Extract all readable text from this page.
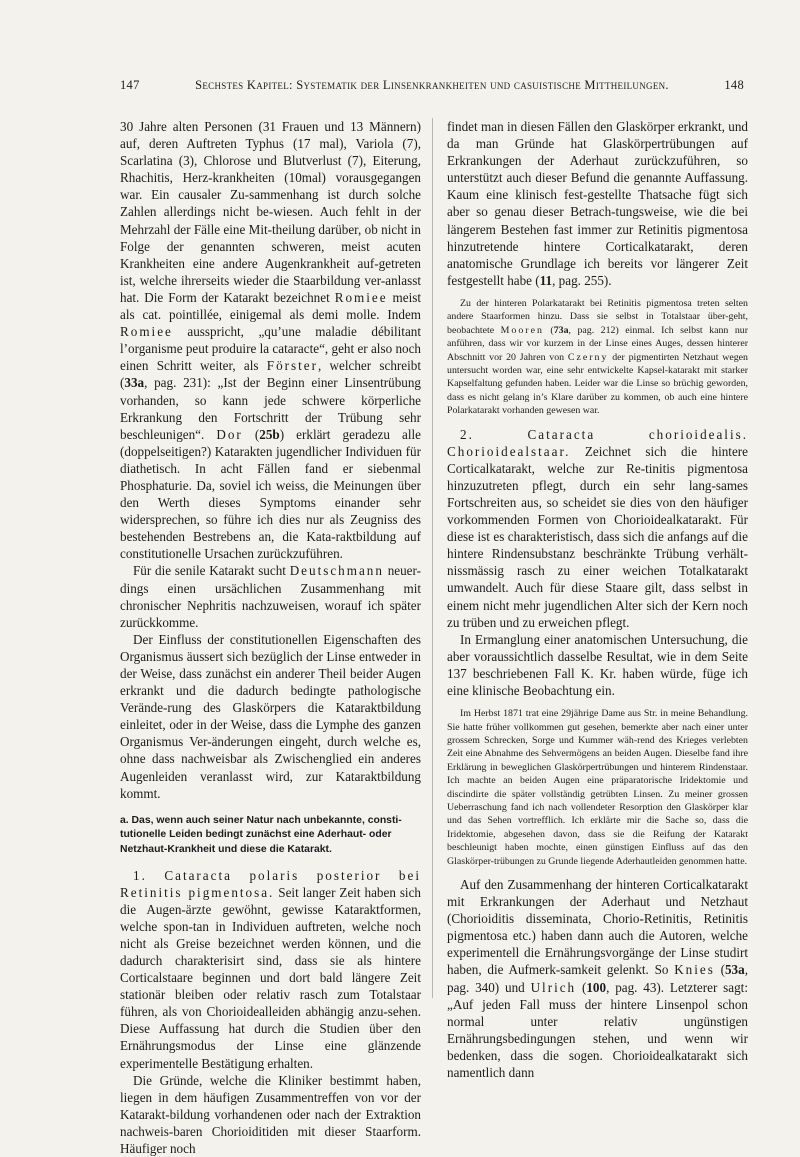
147	Sechstes Kapitel: Systematik der Linsenkrankheiten und casuistische Mittheilungen.	148

30 Jahre alten Personen (31 Frauen und 13 Männern) auf, deren Auftreten Typhus (17 mal), Variola (7), Scarlatina (3), Chlorose und Blutverlust (7), Eiterung, Rhachitis, Herz-krankheiten (10mal) vorausgegangen war. Ein causaler Zu-sammenhang ist durch solche Zahlen allerdings nicht be-wiesen. Auch fehlt in der Mehrzahl der Fälle eine Mit-theilung darüber, ob nicht in Folge der genannten schweren, meist acuten Krankheiten eine andere Augenkrankheit auf-getreten ist, welche ihrerseits wieder die Staarbildung ver-anlasst hat. Die Form der Katarakt bezeichnet Romiee meist als cat. pointillée, einigemal als demi molle. Indem Romiee ausspricht, „qu’une maladie débilitant l’organisme peut produire la cataracte“, geht er also noch einen Schritt weiter, als Förster, welcher schreibt (33a, pag. 231): „Ist der Beginn einer Linsentrübung vorhanden, so kann jede schwere körperliche Erkrankung den Fortschritt der Trübung sehr beschleunigen“. Dor (25b) erklärt geradezu alle (doppelseitigen?) Katarakten jugendlicher Individuen für diathetisch. In acht Fällen fand er siebenmal Phosphaturie. Da, soviel ich weiss, die Meinungen über den Werth dieses Symptoms einander sehr widersprechen, so führe ich dies nur als Zeugniss des bestehenden Bestrebens an, die Kata-raktbildung auf constitutionelle Ursachen zurückzuführen.

Für die senile Katarakt sucht Deutschmann neuer-dings einen ursächlichen Zusammenhang mit chronischer Nephritis nachzuweisen, worauf ich später zurückkomme.

Der Einfluss der constitutionellen Eigenschaften des Organismus äussert sich bezüglich der Linse entweder in der Weise, dass zunächst ein anderer Theil beider Augen erkrankt und die dadurch bedingte pathologische Verände-rung des Glaskörpers die Kataraktbildung einleitet, oder in der Weise, dass die Lymphe des ganzen Organismus Ver-änderungen eingeht, durch welche es, ohne dass nachweisbar als Zwischenglied ein anderes Augenleiden veranlasst wird, zur Kataraktbildung kommt.

a. Das, wenn auch seiner Natur nach unbekannte, consti-tutionelle Leiden bedingt zunächst eine Aderhaut- oder Netzhaut-Krankheit und diese die Katarakt.

1. Cataracta polaris posterior bei Retinitis pigmentosa. Seit langer Zeit haben sich die Augen-ärzte gewöhnt, gewisse Kataraktformen, welche spon-tan in Individuen auftreten, welche noch nicht als Greise bezeichnet werden können, und die dadurch charakterisirt sind, dass sie als hintere Corticalstaare beginnen und dort bald längere Zeit stationär bleiben oder relativ rasch zum Totalstaar führen, als von Chorioidealleiden abhängig anzu-sehen. Diese Auffassung hat durch die Studien über den Ernährungsmodus der Linse eine glänzende experimentelle Bestätigung erhalten.

Die Gründe, welche die Kliniker bestimmt haben, liegen in dem häufigen Zusammentreffen von vor der Katarakt-bildung vorhandenen oder nach der Extraktion nachweis-baren Chorioiditiden mit dieser Staarform. Häufiger noch

findet man in diesen Fällen den Glaskörper erkrankt, und da man Gründe hat Glaskörpertrübungen auf Erkrankungen der Aderhaut zurückzuführen, so unterstützt auch dieser Befund die genannte Auffassung. Kaum eine klinisch fest-gestellte Thatsache fügt sich aber so genau dieser Betrach-tungsweise, wie die bei längerem Bestehen fast immer zur Retinitis pigmentosa hinzutretende hintere Corticalkatarakt, deren anatomische Grundlage ich bereits vor längerer Zeit festgestellt habe (11, pag. 255).

Zu der hinteren Polarkatarakt bei Retinitis pigmentosa treten selten andere Staarformen hinzu. Dass sie selbst in Totalstaar über-geht, beobachtete Mooren (73a, pag. 212) einmal. Ich selbst kann nur anführen, dass wir vor kurzem in der Linse eines Auges, dessen hinterer Abschnitt vor 20 Jahren von Czerny der pigmentirten Netzhaut wegen untersucht worden war, eine sehr entwickelte Kapsel-katarakt mit starker Kapselfaltung gefunden haben. Leider war die Linse so brüchig geworden, dass es nicht gelang in’s Klare darüber zu kommen, ob auch eine hintere Polarkatarakt vorhanden gewesen war.

2. Cataracta chorioidealis. Chorioidealstaar. Zeichnet sich die hintere Corticalkatarakt, welche zur Re-tinitis pigmentosa hinzuzutreten pflegt, durch ein sehr lang-sames Fortschreiten aus, so scheidet sie dies von den häufiger vorkommenden Formen von Chorioidealkatarakt. Für diese ist es charakteristisch, dass sich die anfangs auf die hintere Rindensubstanz beschränkte Trübung verhält-nissmässig rasch zu einer weichen Totalkatarakt umwandelt. Auch für diese Staare gilt, dass selbst in einem nicht mehr jugendlichen Alter sich der Kern noch zu trüben und zu erweichen pflegt.

In Ermanglung einer anatomischen Untersuchung, die aber voraussichtlich dasselbe Resultat, wie in dem Seite 137 beschriebenen Fall K. Kr. haben würde, füge ich eine klinische Beobachtung ein.

Im Herbst 1871 trat eine 29jährige Dame aus Str. in meine Behandlung. Sie hatte früher vollkommen gut gesehen, bemerkte aber nach einer unter grossem Schrecken, Sorge und Kummer wäh-rend des Krieges verlebten Zeit eine Abnahme des Sehvermögens an beiden Augen. Dieselbe fand ihre Erklärung in beweglichen Glaskörpertrübungen und hinterem Rindenstaar. Ich machte an beiden Augen eine präparatorische Iridektomie und discindirte die später vollständig getrübten Linsen. Zu meiner grossen Ueberraschung fand ich nach vollendeter Resorption den Glaskörper klar und das Sehen vortrefflich. Ich erklärte mir die Sache so, dass die Iridektomie, abgesehen davon, dass sie die Reifung der Katarakt beschleunigt haben mochte, einen günstigen Einfluss auf das den Glaskörper-trübungen zu Grunde liegende Aderhautleiden genommen hatte.

Auf den Zusammenhang der hinteren Corticalkatarakt mit Erkrankungen der Aderhaut und Netzhaut (Chorioiditis disseminata, Chorio-Retinitis, Retinitis pigmentosa etc.) haben dann auch die Autoren, welche experimentell die Ernährungsvorgänge der Linse studirt haben, die Aufmerk-samkeit gelenkt. So Knies (53a, pag. 340) und Ulrich (100, pag. 43). Letzterer sagt: „Auf jeden Fall muss der hintere Linsenpol schon normal unter relativ ungünstigen Ernährungsbedingungen stehen, und wenn wir bedenken, dass die sogen. Chorioidealkatarakt sich namentlich dann
